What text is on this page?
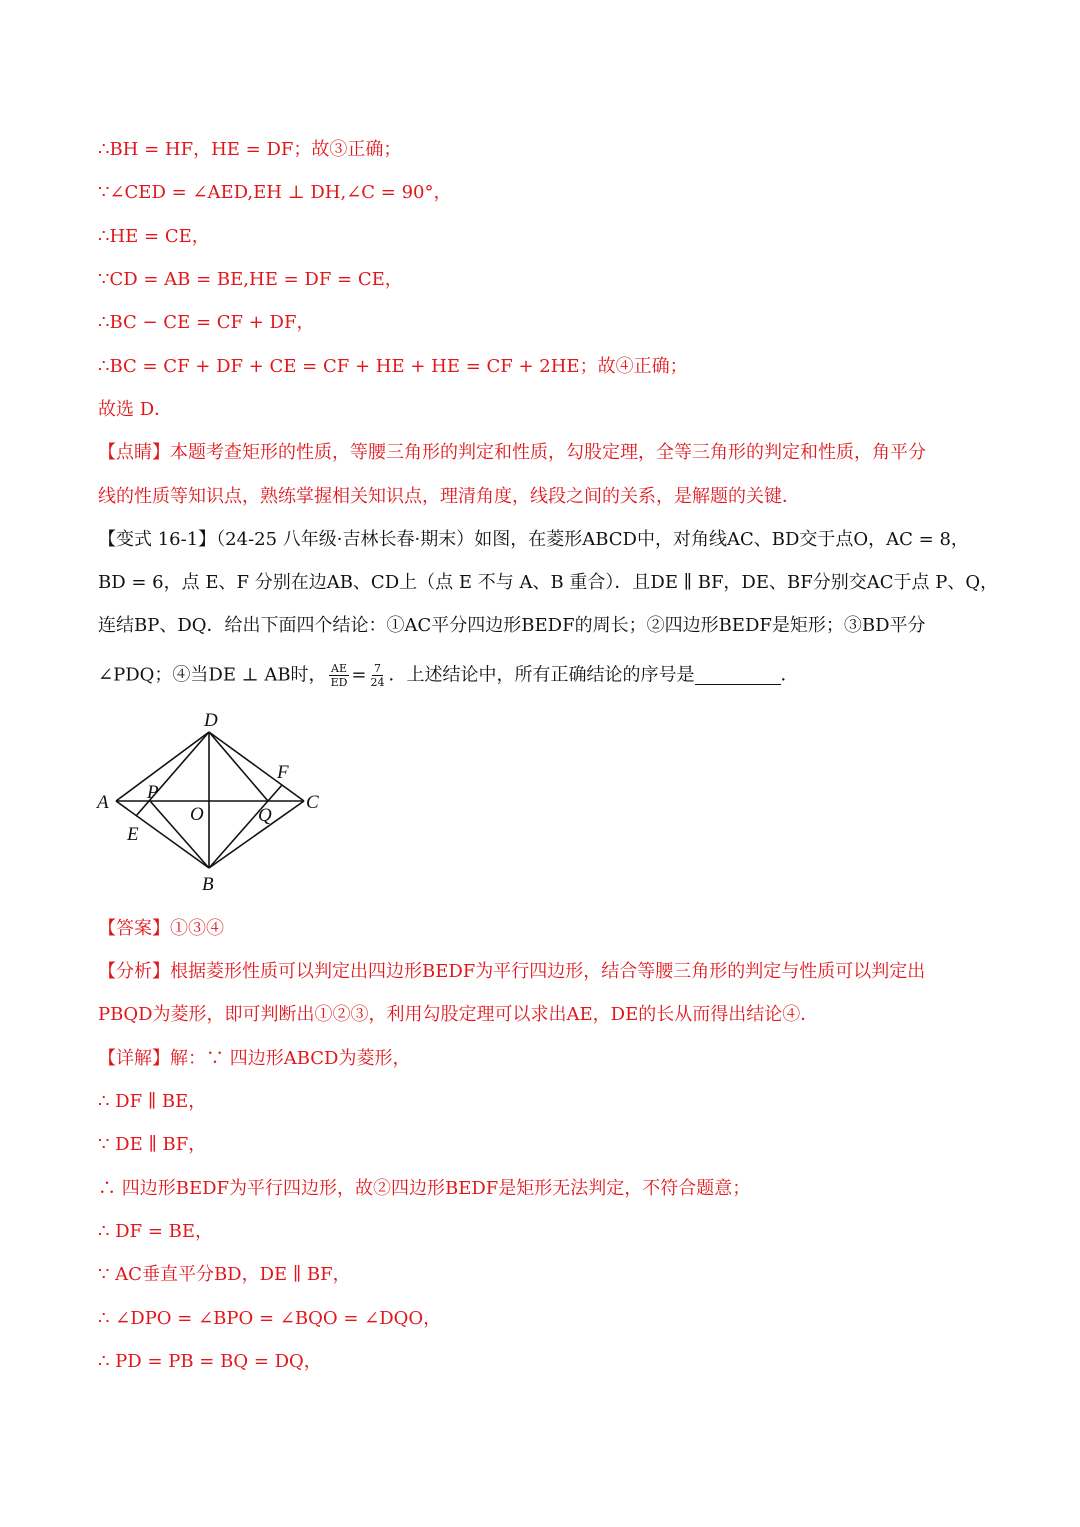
∴BH = HF，HE = DF；故③正确；
∵∠CED = ∠AED,EH ⊥ DH,∠C = 90°，
∴HE = CE，
∵CD = AB = BE,HE = DF = CE，
∴BC − CE = CF + DF，
∴BC = CF + DF + CE = CF + HE + HE = CF + 2HE；故④正确；
故选 D．
【点睛】本题考查矩形的性质，等腰三角形的判定和性质，勾股定理，全等三角形的判定和性质，角平分
线的性质等知识点，熟练掌握相关知识点，理清角度，线段之间的关系，是解题的关键．
【变式 16-1】（24-25 八年级·吉林长春·期末）如图，在菱形ABCD中，对角线AC、BD交于点O，AC = 8，
BD = 6，点 E、F 分别在边AB、CD上（点 E 不与 A、B 重合）．且DE ∥ BF，DE、BF分别交AC于点 P、Q，
连结BP、DQ．给出下面四个结论：①AC平分四边形BEDF的周长；②四边形BEDF是矩形；③BD平分
∠PDQ；④当DE ⊥ AB时， $\frac{AE}{ED} = \frac{7}{24}$ ．上述结论中，所有正确结论的序号是	．
D
A	C
B
E
F
O
P
Q
【答案】①③④
【分析】根据菱形性质可以判定出四边形BEDF为平行四边形，结合等腰三角形的判定与性质可以判定出
PBQD为菱形，即可判断出①②③，利用勾股定理可以求出AE，DE的长从而得出结论④．
【详解】解：∵ 四边形ABCD为菱形，
∴ DF ∥ BE，
∵ DE ∥ BF，
∴ 四边形BEDF为平行四边形，故②四边形BEDF是矩形无法判定，不符合题意；
∴ DF = BE，
∵ AC垂直平分BD，DE ∥ BF，
∴ ∠DPO = ∠BPO = ∠BQO = ∠DQO，
∴ PD = PB = BQ = DQ，
